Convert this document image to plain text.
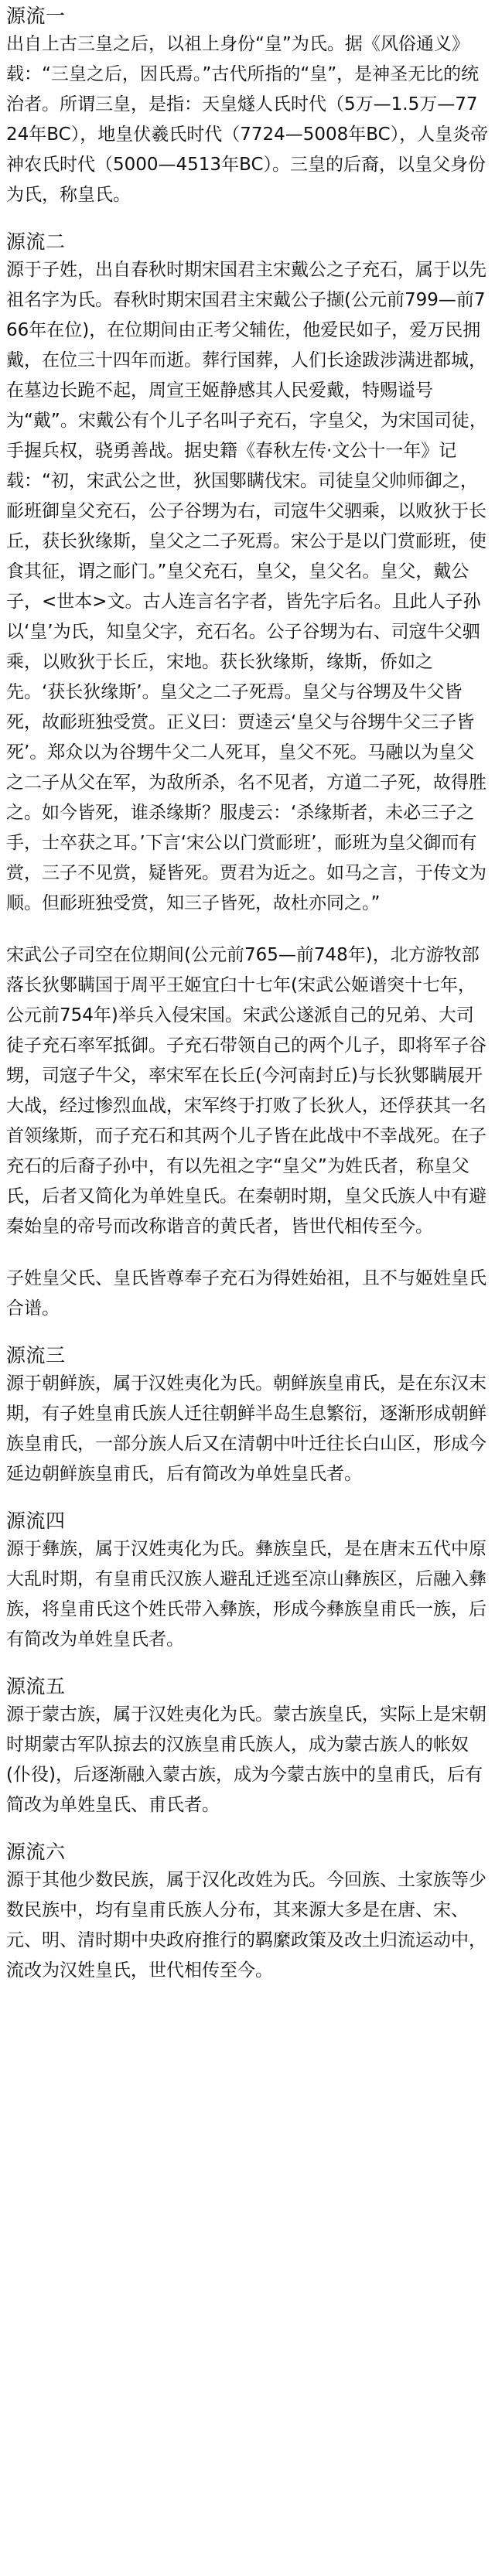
源流一

出自上古三皇之后，以祖上身份“皇”为氏。据《风俗通义》载：“三皇之后，因氏焉。”古代所指的“皇”，是神圣无比的统治者。所谓三皇，是指：天皇燧人氏时代（5万—1.5万—7724年BC），地皇伏羲氏时代（7724—5008年BC），人皇炎帝神农氏时代（5000—4513年BC）。三皇的后裔，以皇父身份为氏，称皇氏。

源流二

源于子姓，出自春秋时期宋国君主宋戴公之子充石，属于以先祖名字为氏。春秋时期宋国君主宋戴公子撷(公元前799—前766年在位)，在位期间由正考父辅佐，他爱民如子，爱万民拥戴，在位三十四年而逝。葬行国葬，人们长途跋涉满进都城，在墓边长跪不起，周宣王姬静感其人民爱戴，特赐谥号为“戴”。宋戴公有个儿子名叫子充石，字皇父，为宋国司徒，手握兵权，骁勇善战。据史籍《春秋左传·文公十一年》记载：“初，宋武公之世，狄国鄋瞒伐宋。司徒皇父帅师御之，耏班御皇父充石，公子谷甥为右，司寇牛父驷乘，以败狄于长丘，获长狄缘斯，皇父之二子死焉。宋公于是以门赏耏班，使食其征，谓之耏门。”皇父充石，皇父，皇父名。皇父，戴公子，<世本>文。古人连言名字者，皆先字后名。且此人子孙以‘皇’为氏，知皇父字，充石名。公子谷甥为右、司寇牛父驷乘，以败狄于长丘，宋地。获长狄缘斯，缘斯，侨如之先。‘获长狄缘斯’。皇父之二子死焉。皇父与谷甥及牛父皆死，故耏班独受赏。正义曰：贾逵云‘皇父与谷甥牛父三子皆死’。郑众以为谷甥牛父二人死耳，皇父不死。马融以为皇父之二子从父在军，为敌所杀，名不见者，方道二子死，故得胜之。如今皆死，谁杀缘斯？服虔云：‘杀缘斯者，未必三子之手，士卒获之耳。’下言‘宋公以门赏耏班’，耏班为皇父御而有赏，三子不见赏，疑皆死。贾君为近之。如马之言，于传文为顺。但耏班独受赏，知三子皆死，故杜亦同之。”

宋武公子司空在位期间(公元前765—前748年)，北方游牧部落长狄鄋瞒国于周平王姬宜臼十七年(宋武公姬谱突十七年，公元前754年)举兵入侵宋国。宋武公遂派自己的兄弟、大司徒子充石率军抵御。子充石带领自己的两个儿子，即将军子谷甥，司寇子牛父，率宋军在长丘(今河南封丘)与长狄鄋瞒展开大战，经过惨烈血战，宋军终于打败了长狄人，还俘获其一名首领缘斯，而子充石和其两个儿子皆在此战中不幸战死。在子充石的后裔子孙中，有以先祖之字“皇父”为姓氏者，称皇父氏，后者又简化为单姓皇氏。在秦朝时期，皇父氏族人中有避秦始皇的帝号而改称谐音的黄氏者，皆世代相传至今。

子姓皇父氏、皇氏皆尊奉子充石为得姓始祖，且不与姬姓皇氏合谱。

源流三

源于朝鲜族，属于汉姓夷化为氏。朝鲜族皇甫氏，是在东汉末期，有子姓皇甫氏族人迁往朝鲜半岛生息繁衍，逐渐形成朝鲜族皇甫氏，一部分族人后又在清朝中叶迁往长白山区，形成今延边朝鲜族皇甫氏，后有简改为单姓皇氏者。

源流四

源于彝族，属于汉姓夷化为氏。彝族皇氏，是在唐末五代中原大乱时期，有皇甫氏汉族人避乱迁逃至凉山彝族区，后融入彝族，将皇甫氏这个姓氏带入彝族，形成今彝族皇甫氏一族，后有简改为单姓皇氏者。

源流五

源于蒙古族，属于汉姓夷化为氏。蒙古族皇氏，实际上是宋朝时期蒙古军队掠去的汉族皇甫氏族人，成为蒙古族人的帐奴(仆役)，后逐渐融入蒙古族，成为今蒙古族中的皇甫氏，后有简改为单姓皇氏、甫氏者。

源流六

源于其他少数民族，属于汉化改姓为氏。今回族、土家族等少数民族中，均有皇甫氏族人分布，其来源大多是在唐、宋、元、明、清时期中央政府推行的羁縻政策及改土归流运动中，流改为汉姓皇氏，世代相传至今。
